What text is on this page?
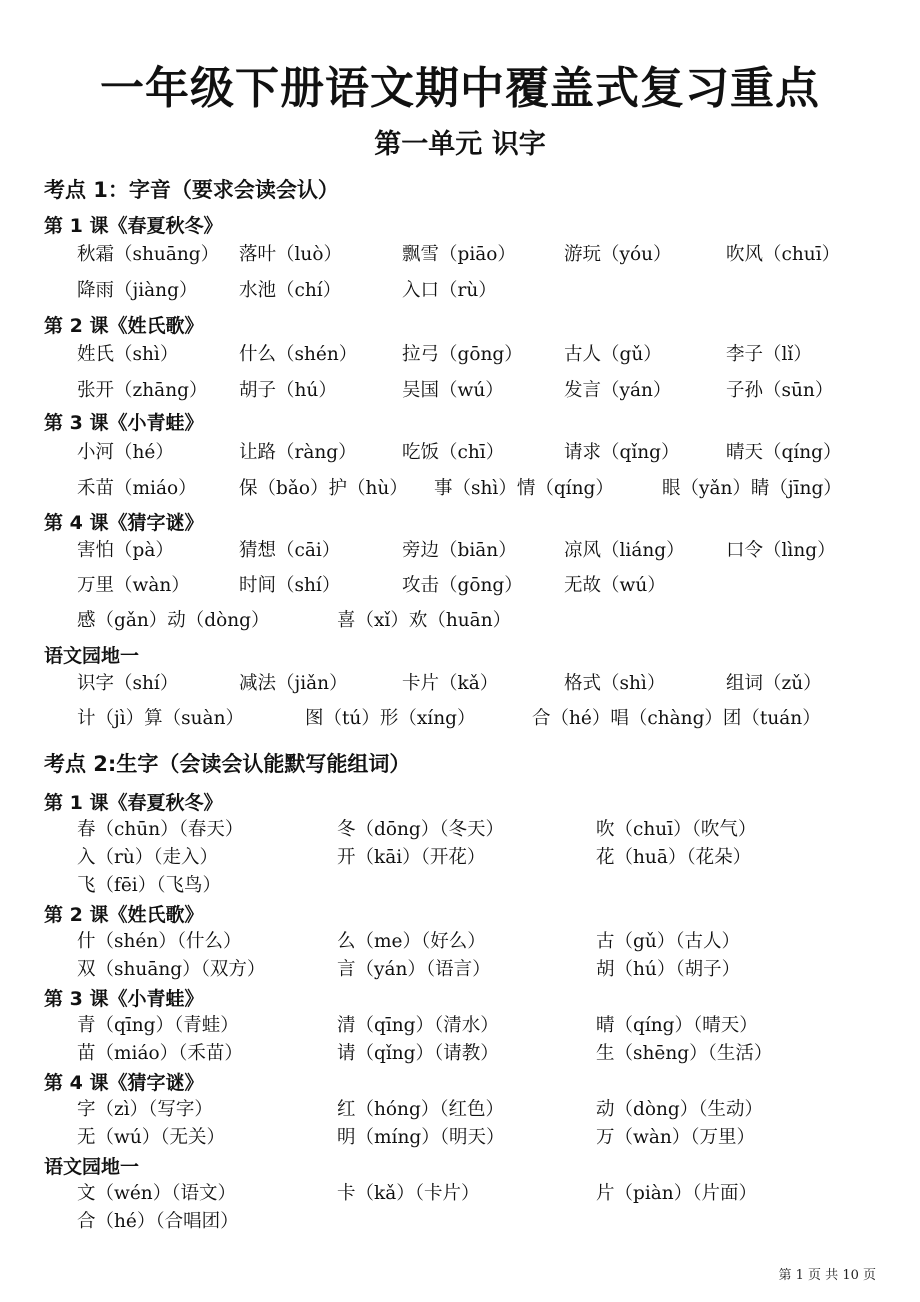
一年级下册语文期中覆盖式复习重点
第一单元 识字
考点 1：字音（要求会读会认）
考点 2:生字（会读会认能默写能组词）
第 1 页 共 10 页
第 1 课《春夏秋冬》
秋霜（shuāng） 落叶（luò）	飘雪（piāo）	游玩（yóu）	吹风（chuī）
降雨（jiàng） 水池（chí）	入口（rù）
第 2 课《姓氏歌》
姓氏（shì）	什么（shén） 拉弓（gōng） 古人（gǔ）	李子（lǐ）
张开（zhāng） 胡子（hú）	吴国（wú）	发言（yán）	子孙（sūn）
第 3 课《小青蛙》
小河（hé）	让路（ràng） 吃饭（chī）	请求（qǐng）	晴天（qíng）
禾苗（miáo） 保（bǎo）护（hù） 事（shì）情（qíng）	眼（yǎn）睛（jīng）
第 4 课《猜字谜》
害怕（pà）	猜想（cāi）	旁边（biān）	凉风（liáng） 口令（lìng）
万里（wàn）	时间（shí）	攻击（gōng） 无故（wú）
感（gǎn）动（dòng）	喜（xǐ）欢（huān）
语文园地一
识字（shí）	减法（jiǎn）	卡片（kǎ）	格式（shì）	组词（zǔ）
计（jì）算（suàn）	图（tú）形（xíng）	合（hé）唱（chàng）团（tuán）
第 1 课《春夏秋冬》
春（chūn）（春天）	冬（dōng）（冬天）	吹（chuī）（吹气）
入（rù）（走入）	开（kāi）（开花）	花（huā）（花朵）
飞（fēi）（飞鸟）
第 2 课《姓氏歌》
什（shén）（什么）	么（me）（好么）	古（gǔ）（古人）
双（shuāng）（双方）	言（yán）（语言）	胡（hú）（胡子）
第 3 课《小青蛙》
青（qīng）（青蛙）	清（qīng）（清水）	晴（qíng）（晴天）
苗（miáo）（禾苗）	请（qǐng）（请教）	生（shēng）（生活）
第 4 课《猜字谜》
字（zì）（写字）	红（hóng）（红色）	动（dòng）（生动）
无（wú）（无关）	明（míng）（明天）	万（wàn）（万里）
语文园地一
文（wén）（语文）	卡（kǎ）（卡片）	片（piàn）（片面）
合（hé）（合唱团）
